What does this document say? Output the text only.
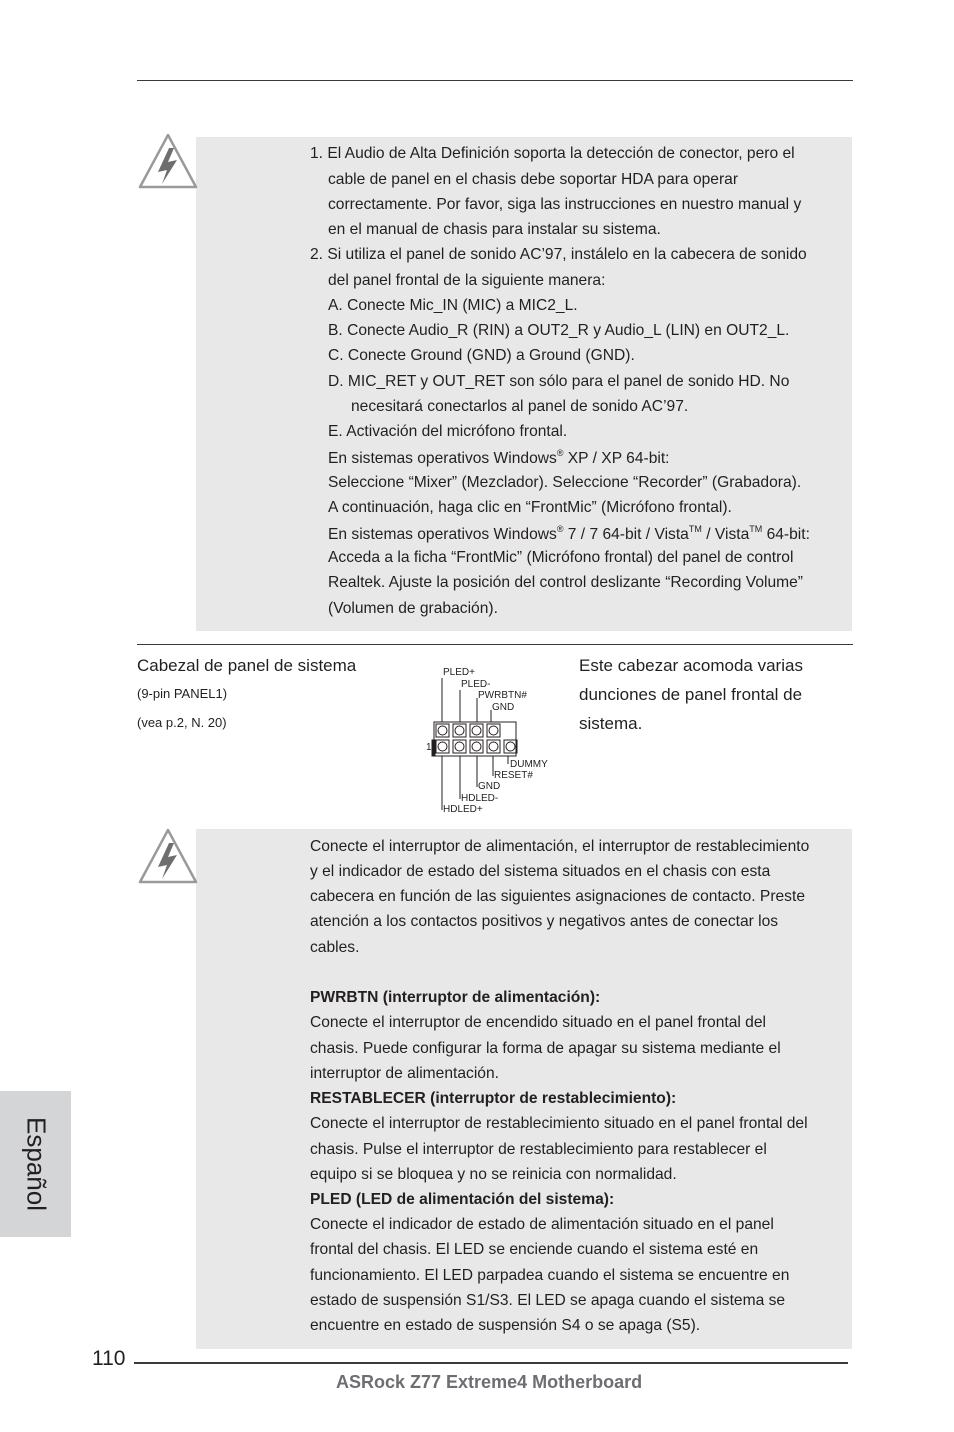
1. El Audio de Alta Definición soporta la detección de conector, pero el
cable de panel en el chasis debe soportar HDA para operar
correctamente. Por favor, siga las instrucciones en nuestro manual y
en el manual de chasis para instalar su sistema.
2. Si utiliza el panel de sonido AC’97, instálelo en la cabecera de sonido
del panel frontal de la siguiente manera:
A. Conecte Mic_IN (MIC) a MIC2_L.
B. Conecte Audio_R (RIN) a OUT2_R y Audio_L (LIN) en OUT2_L.
C. Conecte Ground (GND) a Ground (GND).
D. MIC_RET y OUT_RET son sólo para el panel de sonido HD. No
necesitará conectarlos al panel de sonido AC’97.
E. Activación del micrófono frontal.
En sistemas operativos Windows® XP / XP 64-bit:
Seleccione “Mixer” (Mezclador). Seleccione “Recorder” (Grabadora).
A continuación, haga clic en “FrontMic” (Micrófono frontal).
En sistemas operativos Windows® 7 / 7 64-bit / Vista™ / Vista™ 64-bit:
Acceda a la ficha “FrontMic” (Micrófono frontal) del panel de control
Realtek. Ajuste la posición del control deslizante “Recording Volume”
(Volumen de grabación).
Cabezal de panel de sistema
(9-pin PANEL1)
(vea p.2, N. 20)
Este cabezar acomoda varias
dunciones de panel frontal de
sistema.
PLED+
PLED-
PWRBTN#
GND
1
DUMMY
RESET#
GND
HDLED-
HDLED+
Conecte el interruptor de alimentación, el interruptor de restablecimiento
y el indicador de estado del sistema situados en el chasis con esta
cabecera en función de las siguientes asignaciones de contacto. Preste
atención a los contactos positivos y negativos antes de conectar los
cables.
PWRBTN (interruptor de alimentación):
Conecte el interruptor de encendido situado en el panel frontal del
chasis. Puede configurar la forma de apagar su sistema mediante el
interruptor de alimentación.
RESTABLECER (interruptor de restablecimiento):
Conecte el interruptor de restablecimiento situado en el panel frontal del
chasis. Pulse el interruptor de restablecimiento para restablecer el
equipo si se bloquea y no se reinicia con normalidad.
PLED (LED de alimentación del sistema):
Conecte el indicador de estado de alimentación situado en el panel
frontal del chasis. El LED se enciende cuando el sistema esté en
funcionamiento. El LED parpadea cuando el sistema se encuentre en
estado de suspensión S1/S3. El LED se apaga cuando el sistema se
encuentre en estado de suspensión S4 o se apaga (S5).
Español
110
ASRock Z77 Extreme4 Motherboard
